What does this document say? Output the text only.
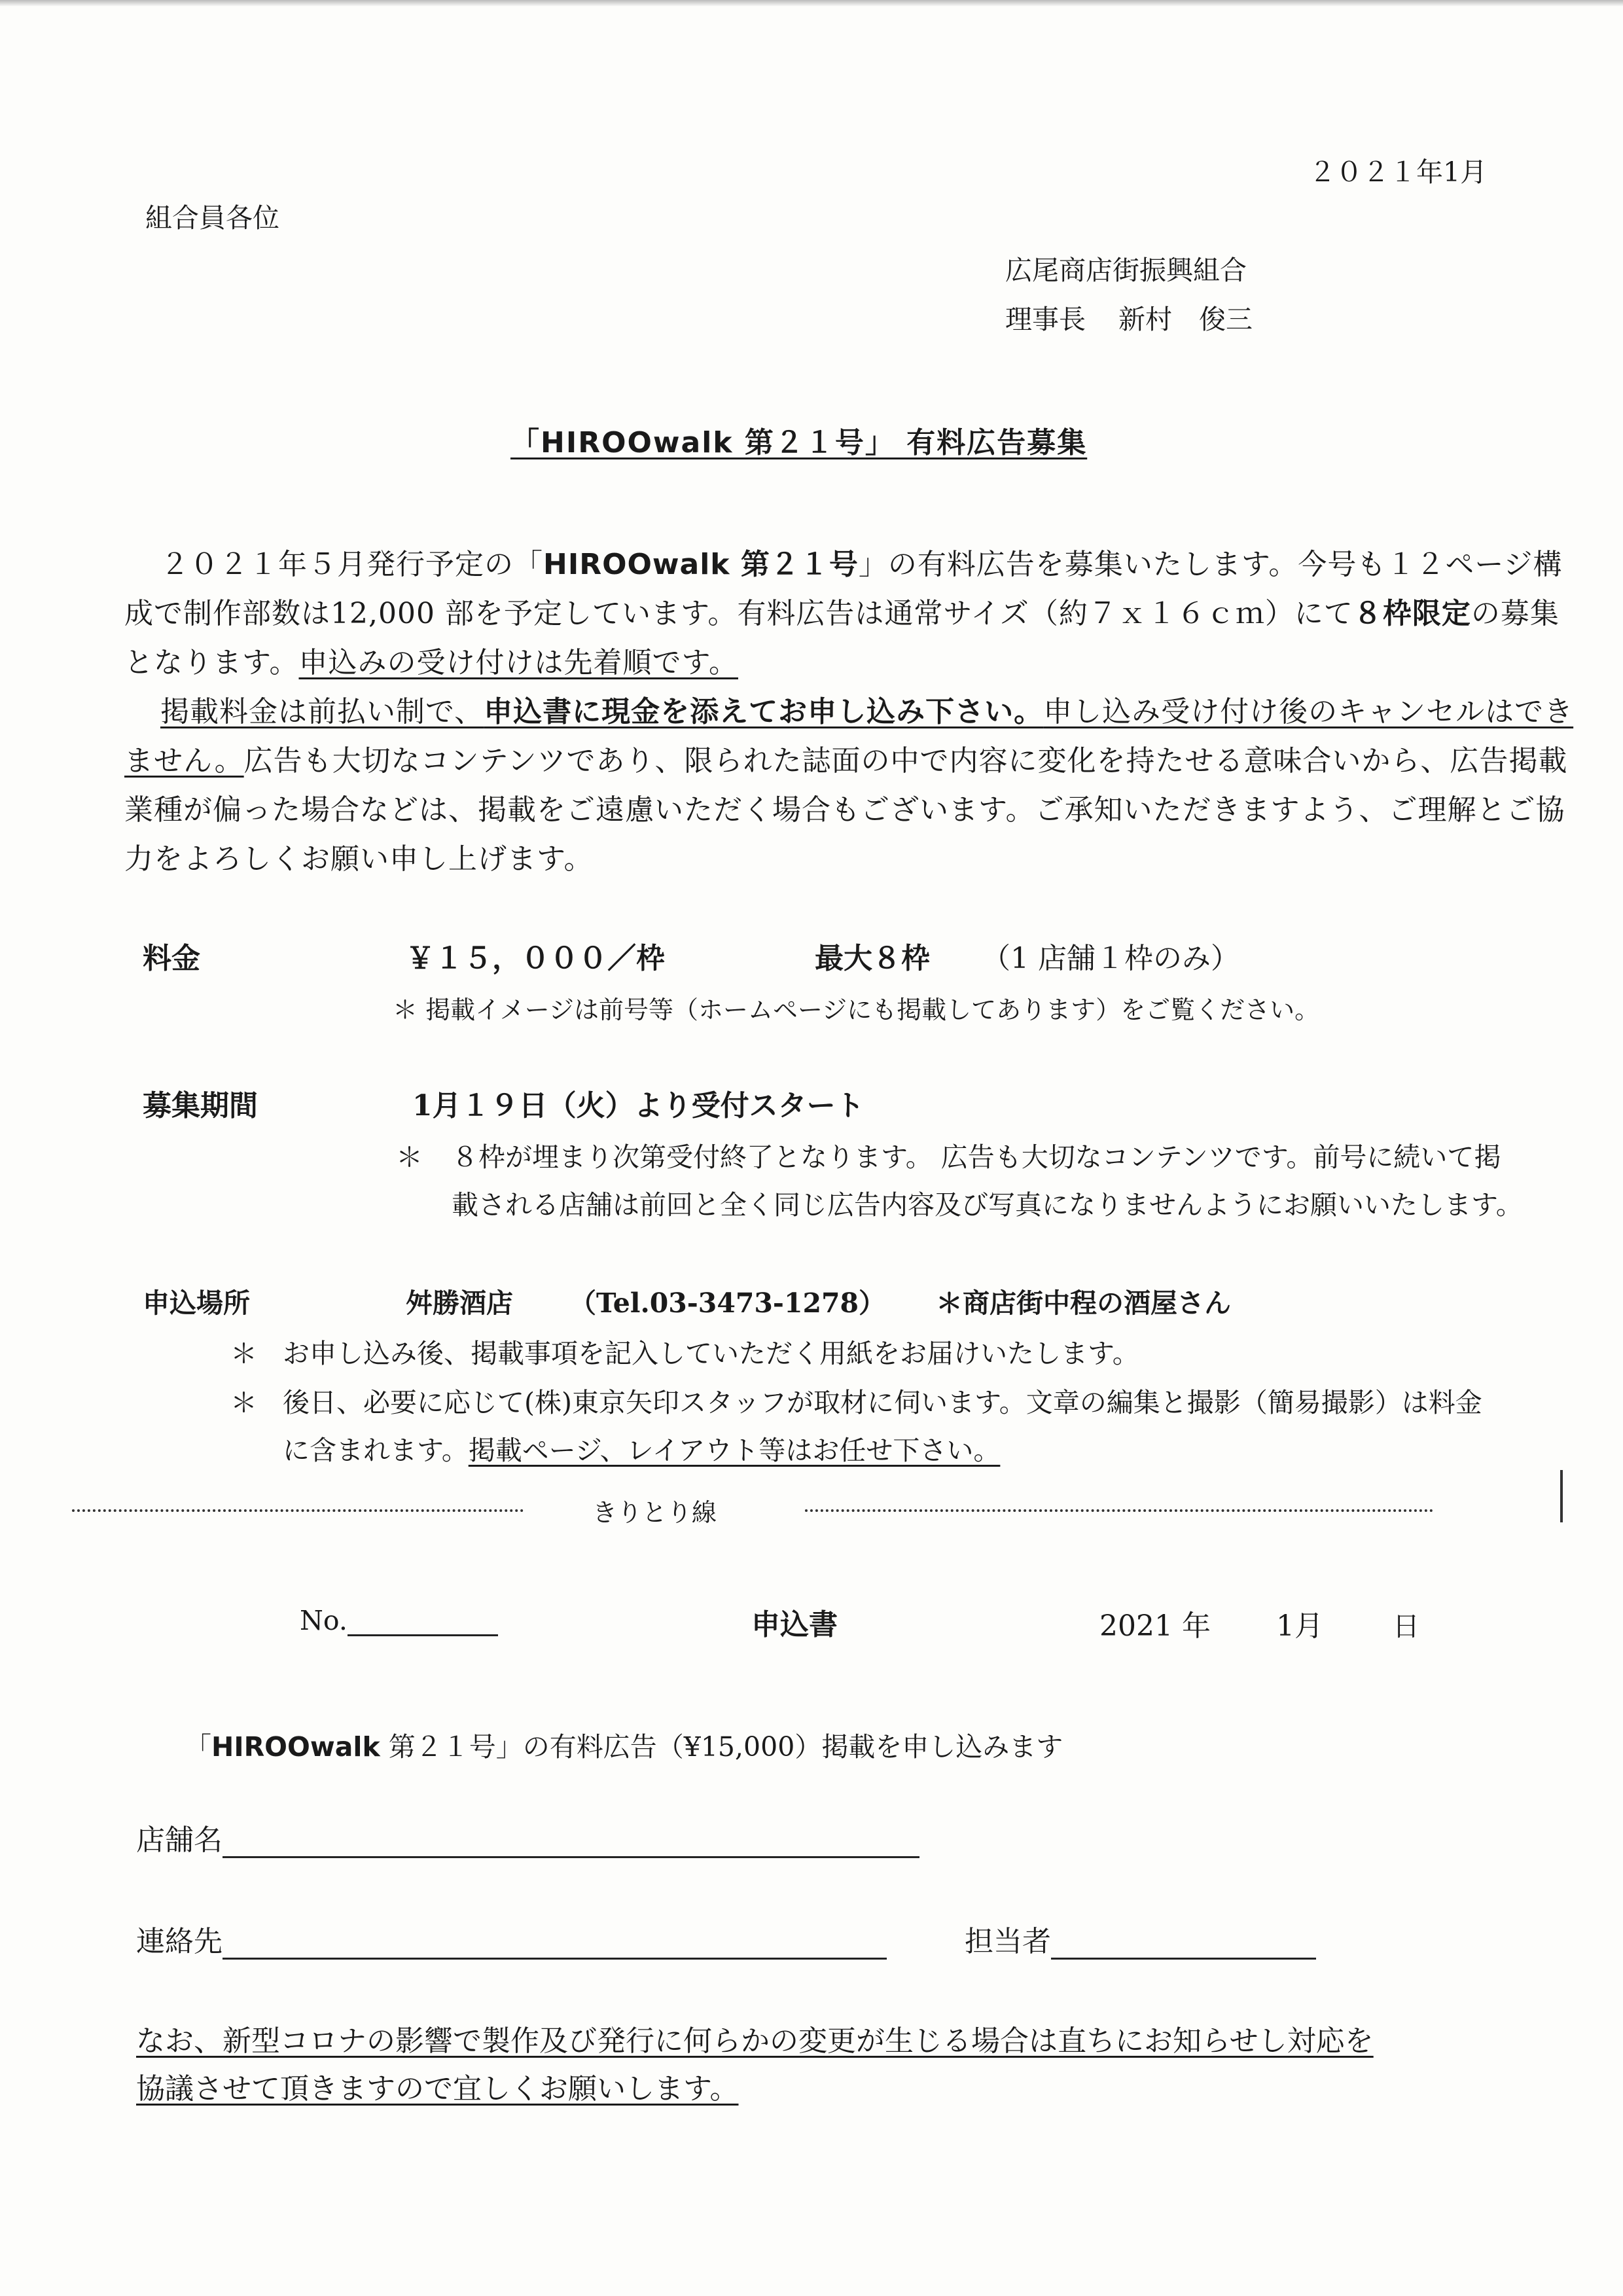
２０２１年1月
組合員各位
広尾商店街振興組合
理事長 新村　俊三
「HIROOwalk 第２１号」 有料広告募集

２０２１年５月発行予定の「HIROOwalk 第２１号」の有料広告を募集いたします。今号も１２ページ構成で制作部数は12,000 部を予定しています。有料広告は通常サイズ（約７ｘ１６ｃｍ）にて８枠限定の募集となります。申込みの受け付けは先着順です。

掲載料金は前払い制で、申込書に現金を添えてお申し込み下さい。申し込み受け付け後のキャンセルはできません。広告も大切なコンテンツであり、限られた誌面の中で内容に変化を持たせる意味合いから、広告掲載業種が偏った場合などは、掲載をご遠慮いただく場合もございます。ご承知いただきますよう、ご理解とご協力をよろしくお願い申し上げます。

料金	￥１５，０００／枠	最大８枠 （1 店舗１枠のみ）
＊ 掲載イメージは前号等（ホームページにも掲載してあります）をご覧ください。
募集期間	1月１９日（火）より受付スタート
＊ ８枠が埋まり次第受付終了となります。 広告も大切なコンテンツです。前号に続いて掲
載される店舗は前回と全く同じ広告内容及び写真になりませんようにお願いいたします。
申込場所	舛勝酒店 （Tel.03-3473-1278） ＊商店街中程の酒屋さん
＊ お申し込み後、掲載事項を記入していただく用紙をお届けいたします。
＊ 後日、必要に応じて(株)東京矢印スタッフが取材に伺います。文章の編集と撮影（簡易撮影）は料金
に含まれます。掲載ページ、レイアウト等はお任せ下さい。
きりとり線
No.	申込書	2021 年 1月	日
「HIROOwalk 第２１号」の有料広告（¥15,000）掲載を申し込みます
店舗名
連絡先	担当者
なお、新型コロナの影響で製作及び発行に何らかの変更が生じる場合は直ちにお知らせし対応を
協議させて頂きますので宜しくお願いします。
